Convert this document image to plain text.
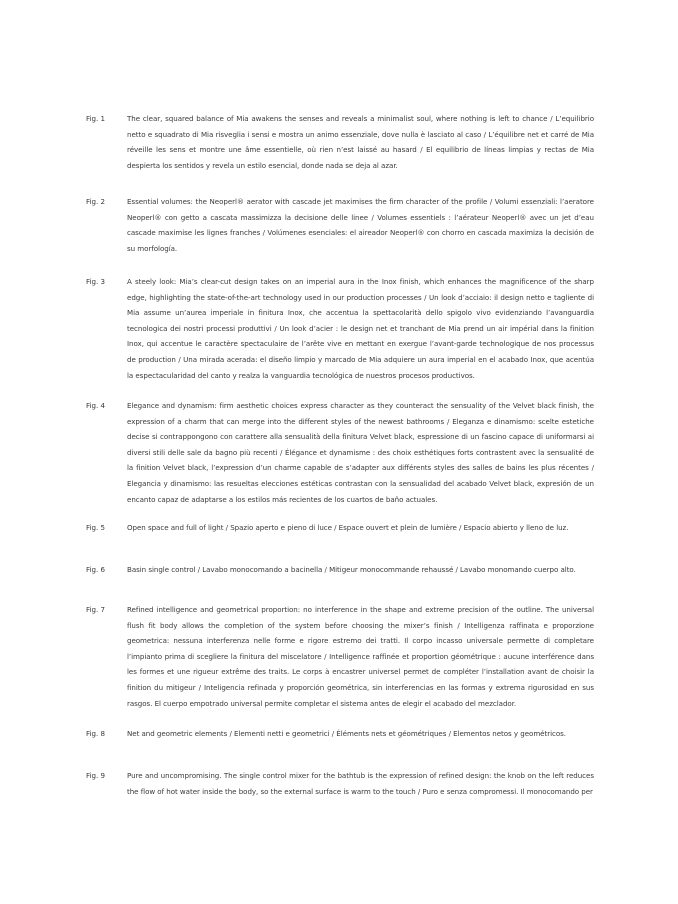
Fig. 1	The clear, squared balance of Mia awakens the senses and reveals a minimalist soul, where nothing is left to chance / L’equilibrio netto e squadrato di Mia risveglia i sensi e mostra un animo essenziale, dove nulla è lasciato al caso / L’équilibre net et carré de Mia réveille les sens et montre une âme essentielle, où rien n’est laissé au hasard / El equilibrio de líneas limpias y rectas de Mia despierta los sentidos y revela un estilo esencial, donde nada se deja al azar.

Fig. 2	Essential volumes: the Neoperl® aerator with cascade jet maximises the firm character of the profile / Volumi essenziali: l’aeratore Neoperl® con getto a cascata massimizza la decisione delle linee / Volumes essentiels : l’aérateur Neoperl® avec un jet d’eau cascade maximise les lignes franches / Volúmenes esenciales: el aireador Neoperl® con chorro en cascada maximiza la decisión de su morfología.

Fig. 3	A steely look: Mia’s clear-cut design takes on an imperial aura in the Inox finish, which enhances the magnificence of the sharp edge, highlighting the state-of-the-art technology used in our production processes / Un look d’acciaio: il design netto e tagliente di Mia assume un’aurea imperiale in finitura Inox, che accentua la spettacolarità dello spigolo vivo evidenziando l’avanguardia tecnologica dei nostri processi produttivi / Un look d’acier : le design net et tranchant de Mia prend un air impérial dans la finition Inox, qui accentue le caractère spectaculaire de l’arête vive en mettant en exergue l’avant-garde technologique de nos processus de production / Una mirada acerada: el diseño limpio y marcado de Mia adquiere un aura imperial en el acabado Inox, que acentúa la espectacularidad del canto y realza la vanguardia tecnológica de nuestros procesos productivos.

Fig. 4	Elegance and dynamism: firm aesthetic choices express character as they counteract the sensuality of the Velvet black finish, the expression of a charm that can merge into the different styles of the newest bathrooms / Eleganza e dinamismo: scelte estetiche decise si contrappongono con carattere alla sensualità della finitura Velvet black, espressione di un fascino capace di uniformarsi ai diversi stili delle sale da bagno più recenti / Élégance et dynamisme : des choix esthétiques forts contrastent avec la sensualité de la finition Velvet black, l’expression d’un charme capable de s’adapter aux différents styles des salles de bains les plus récentes / Elegancia y dinamismo: las resueltas elecciones estéticas contrastan con la sensualidad del acabado Velvet black, expresión de un encanto capaz de adaptarse a los estilos más recientes de los cuartos de baño actuales.

Fig. 5	Open space and full of light / Spazio aperto e pieno di luce / Espace ouvert et plein de lumière / Espacio abierto y lleno de luz.

Fig. 6	Basin single control / Lavabo monocomando a bacinella / Mitigeur monocommande rehaussé / Lavabo monomando cuerpo alto.

Fig. 7	Refined intelligence and geometrical proportion: no interference in the shape and extreme precision of the outline. The universal flush fit body allows the completion of the system before choosing the mixer’s finish / Intelligenza raffinata e proporzione geometrica: nessuna interferenza nelle forme e rigore estremo dei tratti. Il corpo incasso universale permette di completare l’impianto prima di scegliere la finitura del miscelatore / Intelligence raffinée et proportion géométrique : aucune interférence dans les formes et une rigueur extrême des traits. Le corps à encastrer universel permet de compléter l’installation avant de choisir la finition du mitigeur / Inteligencia refinada y proporción geométrica, sin interferencias en las formas y extrema rigurosidad en sus rasgos. El cuerpo empotrado universal permite completar el sistema antes de elegir el acabado del mezclador.

Fig. 8	Net and geometric elements / Elementi netti e geometrici / Éléments nets et géométriques / Elementos netos y geométricos.

Fig. 9	Pure and uncompromising. The single control mixer for the bathtub is the expression of refined design: the knob on the left reduces the flow of hot water inside the body, so the external surface is warm to the touch / Puro e senza compromessi. Il monocomando per
